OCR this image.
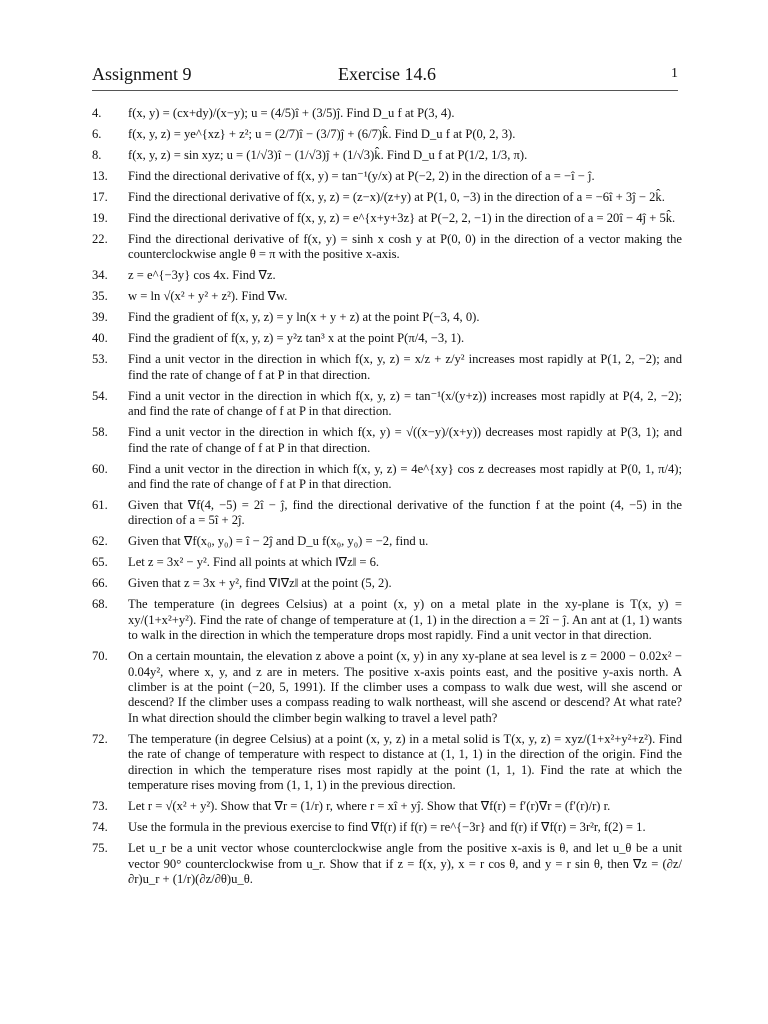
Assignment 9	Exercise 14.6	1
4.	f(x, y) = (cx+dy)/(x−y); u = (4/5)î + (3/5)ĵ. Find D_u f at P(3, 4).
6.	f(x, y, z) = ye^{xz} + z²; u = (2/7)î − (3/7)ĵ + (6/7)k̂. Find D_u f at P(0, 2, 3).
8.	f(x, y, z) = sin xyz; u = (1/√3)î − (1/√3)ĵ + (1/√3)k̂. Find D_u f at P(1/2, 1/3, π).
13.	Find the directional derivative of f(x, y) = tan⁻¹(y/x) at P(−2, 2) in the direction of a = −î − ĵ.
17.	Find the directional derivative of f(x, y, z) = (z−x)/(z+y) at P(1, 0, −3) in the direction of a = −6î + 3ĵ − 2k̂.
19.	Find the directional derivative of f(x, y, z) = e^{x+y+3z} at P(−2, 2, −1) in the direction of a = 20î − 4ĵ + 5k̂.
22.	Find the directional derivative of f(x, y) = sinh x cosh y at P(0, 0) in the direction of a vector making the counterclockwise angle θ = π with the positive x-axis.
34.	z = e^{−3y} cos 4x. Find ∇z.
35.	w = ln √(x² + y² + z²). Find ∇w.
39.	Find the gradient of f(x, y, z) = y ln(x + y + z) at the point P(−3, 4, 0).
40.	Find the gradient of f(x, y, z) = y²z tan³ x at the point P(π/4, −3, 1).
53.	Find a unit vector in the direction in which f(x, y, z) = x/z + z/y² increases most rapidly at P(1, 2, −2); and find the rate of change of f at P in that direction.
54.	Find a unit vector in the direction in which f(x, y, z) = tan⁻¹(x/(y+z)) increases most rapidly at P(4, 2, −2); and find the rate of change of f at P in that direction.
58.	Find a unit vector in the direction in which f(x, y) = √((x−y)/(x+y)) decreases most rapidly at P(3, 1); and find the rate of change of f at P in that direction.
60.	Find a unit vector in the direction in which f(x, y, z) = 4e^{xy} cos z decreases most rapidly at P(0, 1, π/4); and find the rate of change of f at P in that direction.
61.	Given that ∇f(4, −5) = 2î − ĵ, find the directional derivative of the function f at the point (4, −5) in the direction of a = 5î + 2ĵ.
62.	Given that ∇f(x₀, y₀) = î − 2ĵ and D_u f(x₀, y₀) = −2, find u.
65.	Let z = 3x² − y². Find all points at which ‖∇z‖ = 6.
66.	Given that z = 3x + y², find ∇‖∇z‖ at the point (5, 2).
68.	The temperature (in degrees Celsius) at a point (x, y) on a metal plate in the xy-plane is T(x, y) = xy/(1+x²+y²). Find the rate of change of temperature at (1, 1) in the direction a = 2î − ĵ. An ant at (1, 1) wants to walk in the direction in which the temperature drops most rapidly. Find a unit vector in that direction.
70.	On a certain mountain, the elevation z above a point (x, y) in any xy-plane at sea level is z = 2000 − 0.02x² − 0.04y², where x, y, and z are in meters. The positive x-axis points east, and the positive y-axis north. A climber is at the point (−20, 5, 1991). If the climber uses a compass to walk due west, will she ascend or descend? If the climber uses a compass reading to walk northeast, will she ascend or descend? At what rate? In what direction should the climber begin walking to travel a level path?
72.	The temperature (in degree Celsius) at a point (x, y, z) in a metal solid is T(x, y, z) = xyz/(1+x²+y²+z²). Find the rate of change of temperature with respect to distance at (1, 1, 1) in the direction of the origin. Find the direction in which the temperature rises most rapidly at the point (1, 1, 1). Find the rate at which the temperature rises moving from (1, 1, 1) in the previous direction.
73.	Let r = √(x² + y²). Show that ∇r = (1/r) r, where r = xî + yĵ. Show that ∇f(r) = f′(r)∇r = (f′(r)/r) r.
74.	Use the formula in the previous exercise to find ∇f(r) if f(r) = re^{−3r} and f(r) if ∇f(r) = 3r²r, f(2) = 1.
75.	Let u_r be a unit vector whose counterclockwise angle from the positive x-axis is θ, and let u_θ be a unit vector 90° counterclockwise from u_r. Show that if z = f(x, y), x = r cos θ, and y = r sin θ, then ∇z = (∂z/∂r)u_r + (1/r)(∂z/∂θ)u_θ.
